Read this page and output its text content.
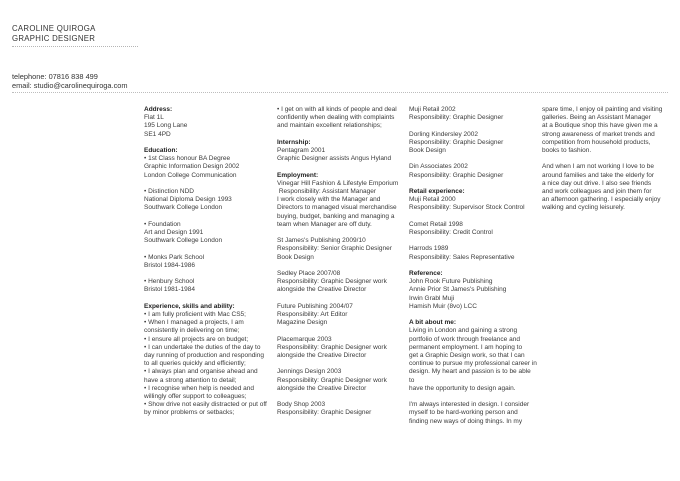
CAROLINE QUIROGA
GRAPHIC DESIGNER
telephone: 07816 838 499
email: studio@carolinequiroga.com
Address:
Flat 1L
195 Long Lane
SE1 4PD
Education:
• 1st Class honour BA Degree
Graphic Information Design 2002
London College Communication
• Distinction NDD
National Diploma Design 1993
Southwark College London
• Foundation
Art and Design 1991
Southwark College London
• Monks Park School
Bristol 1984-1986
• Henbury School
Bristol 1981-1984
Experience, skills and ability:
• I am fully proficient with Mac CS5;
• When I managed a projects, I am
consistently in delivering on time;
• I ensure all projects are on budget;
• I can undertake the duties of the day to
day running of production and responding
to all queries quickly and efficiently;
• I always plan and organise ahead and
have a strong attention to detail;
• I recognise when help is needed and
willingly offer support to colleagues;
• Show drive not easily distracted or put off
by minor problems or setbacks;
• I get on with all kinds of people and deal
confidently when dealing with complaints
and maintain excellent relationships;
Internship:
Pentagram 2001
Graphic Designer assists Angus Hyland
Employment:
Vinegar Hill Fashion & Lifestyle Emporium
Responsibility: Assistant Manager
I work closely with the Manager and
Directors to managed visual merchandise
buying, budget, banking and managing a
team when Manager are off duty.
St James's Publishing 2009/10
Responsibility: Senior Graphic Designer
Book Design
Sedley Place 2007/08
Responsibility: Graphic Designer work
alongside the Creative Director
Future Publishing 2004/07
Responsibility: Art Editor
Magazine Design
Placemarque 2003
Responsibility: Graphic Designer work
alongside the Creative Director
Jennings Design 2003
Responsibility: Graphic Designer work
alongside the Creative Director
Body Shop 2003
Responsibility: Graphic Designer
Muji Retail 2002
Responsibility: Graphic Designer
Dorling Kindersley 2002
Responsibility: Graphic Designer
Book Design
Din Associates 2002
Responsibility: Graphic Designer
Retail experience:
Muji Retail 2000
Responsibility: Supervisor Stock Control
Comet Retail 1998
Responsibility: Credit Control
Harrods 1989
Responsibility: Sales Representative
Reference:
John Rook Future Publishing
Annie Prior St James's Publishing
Irwin Grabl Muji
Hamish Muir (8vo) LCC
A bit about me:
Living in London and gaining a strong
portfolio of work through freelance and
permanent employment. I am hoping to
get a Graphic Design work, so that I can
continue to pursue my professional career in
design. My heart and passion is to be able to
have the opportunity to design again.
I'm always interested in design. I consider
myself to be hard-working person and
finding new ways of doing things. In my
spare time, I enjoy oil painting and visiting
galleries. Being an Assistant Manager
at a Boutique shop this have given me a
strong awareness of market trends and
competition from household products,
books to fashion.
And when I am not working I love to be
around families and take the elderly for
a nice day out drive. I also see friends
and work colleagues and join them for
an afternoon gathering. I especially enjoy
walking and cycling leisurely.
